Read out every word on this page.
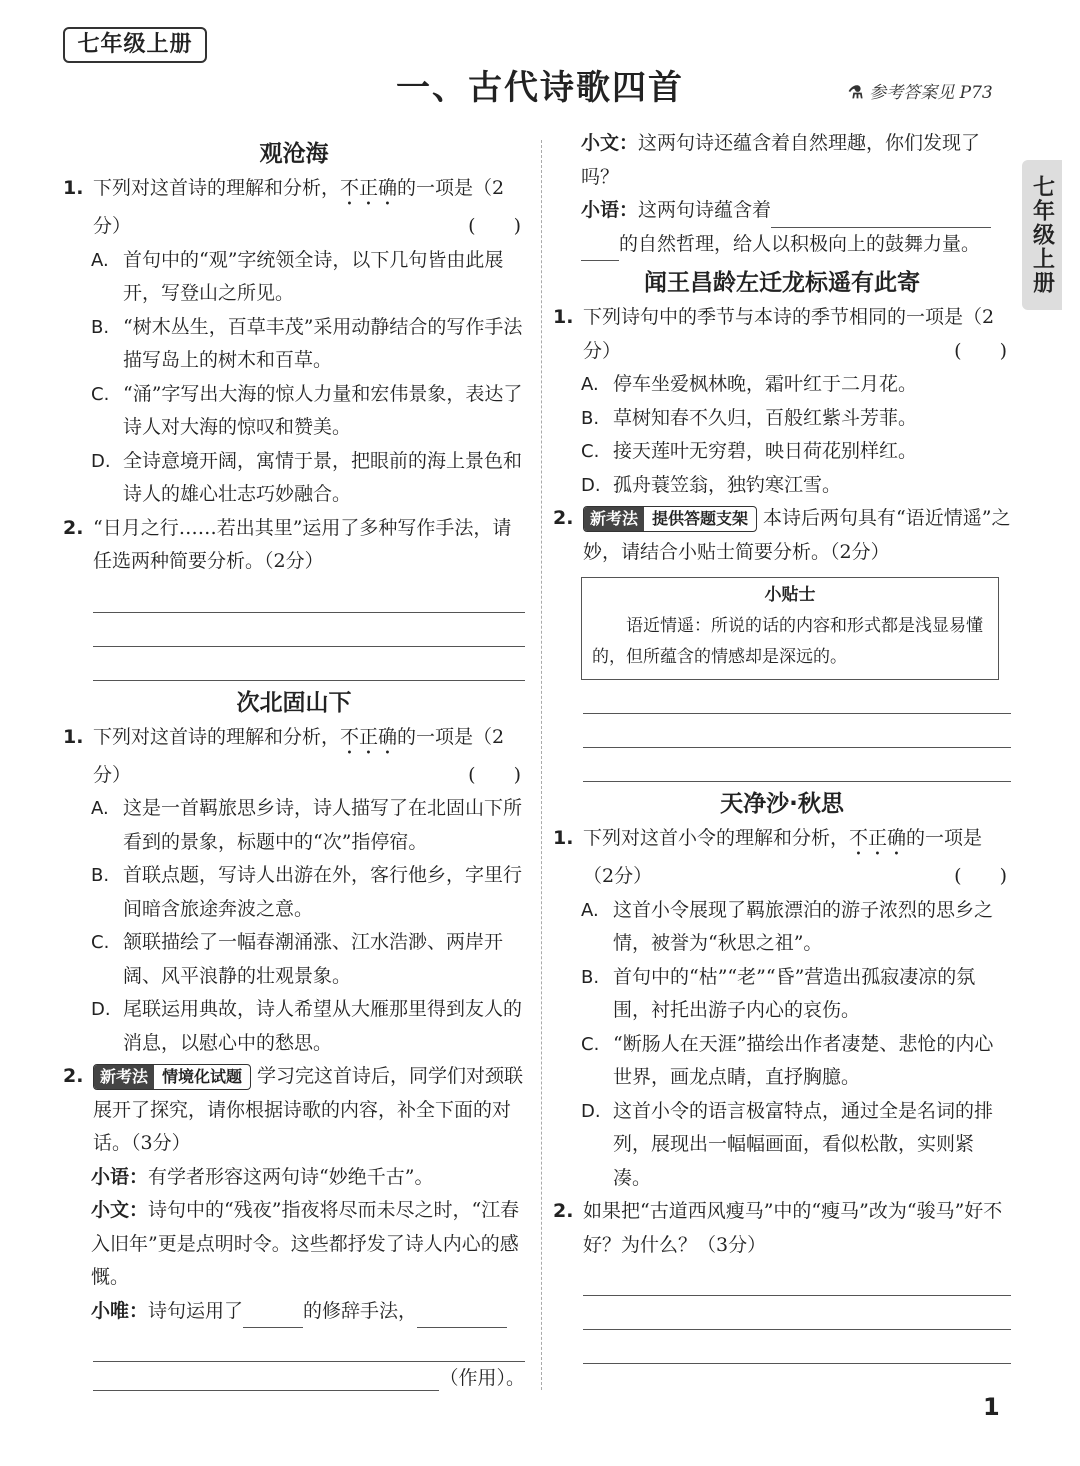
七年级上册
一、古代诗歌四首	⚗ 参考答案见 P73
七年级上册
1
观沧海
1. 下列对这首诗的理解和分析，不正确的一项是（2分）	(　　)
A. 首句中的“观”字统领全诗，以下几句皆由此展开，写登山之所见。
B. “树木丛生，百草丰茂”采用动静结合的写作手法描写岛上的树木和百草。
C. “涌”字写出大海的惊人力量和宏伟景象，表达了诗人对大海的惊叹和赞美。
D. 全诗意境开阔，寓情于景，把眼前的海上景色和诗人的雄心壮志巧妙融合。
2. “日月之行……若出其里”运用了多种写作手法，请任选两种简要分析。（2分）
次北固山下
1. 下列对这首诗的理解和分析，不正确的一项是（2分）	(　　)
A. 这是一首羁旅思乡诗，诗人描写了在北固山下所看到的景象，标题中的“次”指停宿。
B. 首联点题，写诗人出游在外，客行他乡，字里行间暗含旅途奔波之意。
C. 颔联描绘了一幅春潮涌涨、江水浩渺、两岸开阔、风平浪静的壮观景象。
D. 尾联运用典故，诗人希望从大雁那里得到友人的消息，以慰心中的愁思。
2.	新考法 情境化试题 学习完这首诗后，同学们对颈联展开了探究，请你根据诗歌的内容，补全下面的对话。（3分）
小语：有学者形容这两句诗“妙绝千古”。
小文：诗句中的“残夜”指夜将尽而未尽之时，“江春入旧年”更是点明时令。这些都抒发了诗人内心的感慨。
小唯：诗句运用了	的修辞手法，
（作用）。
小文：这两句诗还蕴含着自然理趣，你们发现了吗？
小语：这两句诗蕴含着
的自然哲理，给人以积极向上的鼓舞力量。
闻王昌龄左迁龙标遥有此寄
1. 下列诗句中的季节与本诗的季节相同的一项是（2分）	(　　)
A. 停车坐爱枫林晚，霜叶红于二月花。
B. 草树知春不久归，百般红紫斗芳菲。
C. 接天莲叶无穷碧，映日荷花别样红。
D. 孤舟蓑笠翁，独钓寒江雪。
2.	新考法 提供答题支架 本诗后两句具有“语近情遥”之妙，请结合小贴士简要分析。（2分）
小贴士
语近情遥：所说的话的内容和形式都是浅显易懂的，但所蕴含的情感却是深远的。
天净沙·秋思
1. 下列对这首小令的理解和分析，不正确的一项是（2分）	(　　)
A. 这首小令展现了羁旅漂泊的游子浓烈的思乡之情，被誉为“秋思之祖”。
B. 首句中的“枯”“老”“昏”营造出孤寂凄凉的氛围，衬托出游子内心的哀伤。
C. “断肠人在天涯”描绘出作者凄楚、悲怆的内心世界，画龙点睛，直抒胸臆。
D. 这首小令的语言极富特点，通过全是名词的排列，展现出一幅幅画面，看似松散，实则紧凑。
2. 如果把“古道西风瘦马”中的“瘦马”改为“骏马”好不好？为什么？（3分）
